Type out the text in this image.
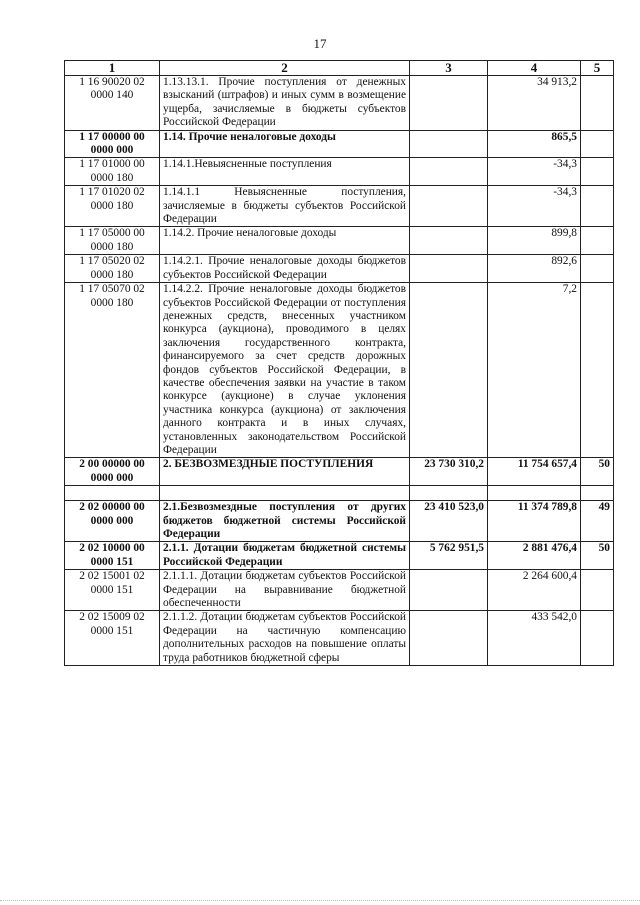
17
1	2	3	4	5
1 16 90020 02 0000 140	1.13.13.1. Прочие поступления от денежных взысканий (штрафов) и иных сумм в возмещение ущерба, зачисляемые в бюджеты субъектов Российской Федерации		34 913,2	
1 17 00000 00 0000 000	1.14. Прочие неналоговые доходы		865,5	
1 17 01000 00 0000 180	1.14.1.Невыясненные поступления		-34,3	
1 17 01020 02 0000 180	1.14.1.1 Невыясненные поступления, зачисляемые в бюджеты субъектов Российской Федерации		-34,3	
1 17 05000 00 0000 180	1.14.2. Прочие неналоговые доходы		899,8	
1 17 05020 02 0000 180	1.14.2.1. Прочие неналоговые доходы бюджетов субъектов Российской Федерации		892,6	
1 17 05070 02 0000 180	1.14.2.2. Прочие неналоговые доходы бюджетов субъектов Российской Федерации от поступления денежных средств, внесенных участником конкурса (аукциона), проводимого в целях заключения государственного контракта, финансируемого за счет средств дорожных фондов субъектов Российской Федерации, в качестве обеспечения заявки на участие в таком конкурсе (аукционе) в случае уклонения участника конкурса (аукциона) от заключения данного контракта и в иных случаях, установленных законодательством Российской Федерации		7,2	
2 00 00000 00 0000 000	2. БЕЗВОЗМЕЗДНЫЕ ПОСТУПЛЕНИЯ	23 730 310,2	11 754 657,4	50

2 02 00000 00 0000 000	2.1.Безвозмездные поступления от других бюджетов бюджетной системы Российской Федерации	23 410 523,0	11 374 789,8	49
2 02 10000 00 0000 151	2.1.1. Дотации бюджетам бюджетной системы Российской Федерации	5 762 951,5	2 881 476,4	50
2 02 15001 02 0000 151	2.1.1.1. Дотации бюджетам субъектов Российской Федерации на выравнивание бюджетной обеспеченности		2 264 600,4	
2 02 15009 02 0000 151	2.1.1.2. Дотации бюджетам субъектов Российской Федерации на частичную компенсацию дополнительных расходов на повышение оплаты труда работников бюджетной сферы		433 542,0	
